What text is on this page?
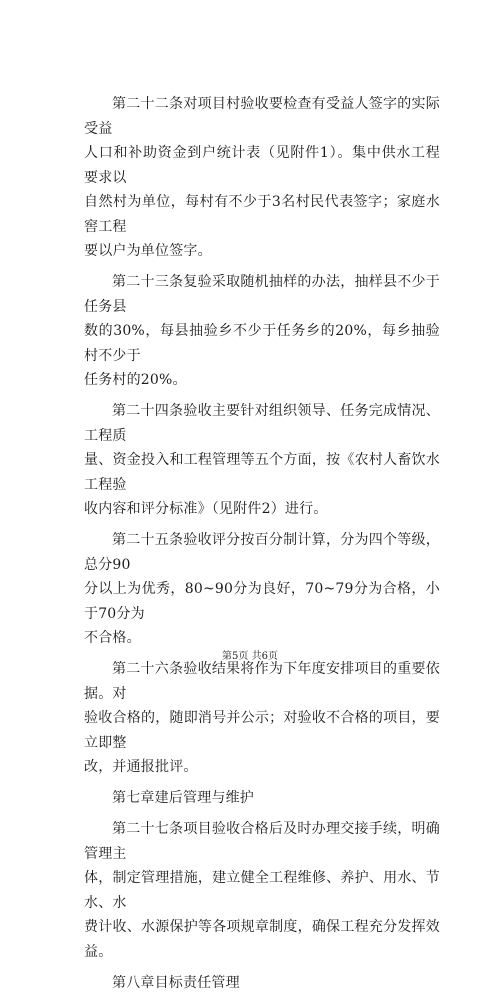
第二十二条对项目村验收要检查有受益人签字的实际受益
人口和补助资金到户统计表（见附件1）。集中供水工程要求以
自然村为单位，每村有不少于3名村民代表签字；家庭水窖工程
要以户为单位签字。

第二十三条复验采取随机抽样的办法，抽样县不少于任务县
数的30%，每县抽验乡不少于任务乡的20%，每乡抽验村不少于
任务村的20%。

第二十四条验收主要针对组织领导、任务完成情况、工程质
量、资金投入和工程管理等五个方面，按《农村人畜饮水工程验
收内容和评分标准》（见附件2）进行。

第二十五条验收评分按百分制计算，分为四个等级，总分90
分以上为优秀，80~90分为良好，70~79分为合格，小于70分为
不合格。

第二十六条验收结果将作为下年度安排项目的重要依据。对
验收合格的，随即消号并公示；对验收不合格的项目，要立即整
改，并通报批评。

第七章建后管理与维护

第二十七条项目验收合格后及时办理交接手续，明确管理主
体，制定管理措施，建立健全工程维修、养护、用水、节水、水
费计收、水源保护等各项规章制度，确保工程充分发挥效益。

第八章目标责任管理

第5页 共6页
